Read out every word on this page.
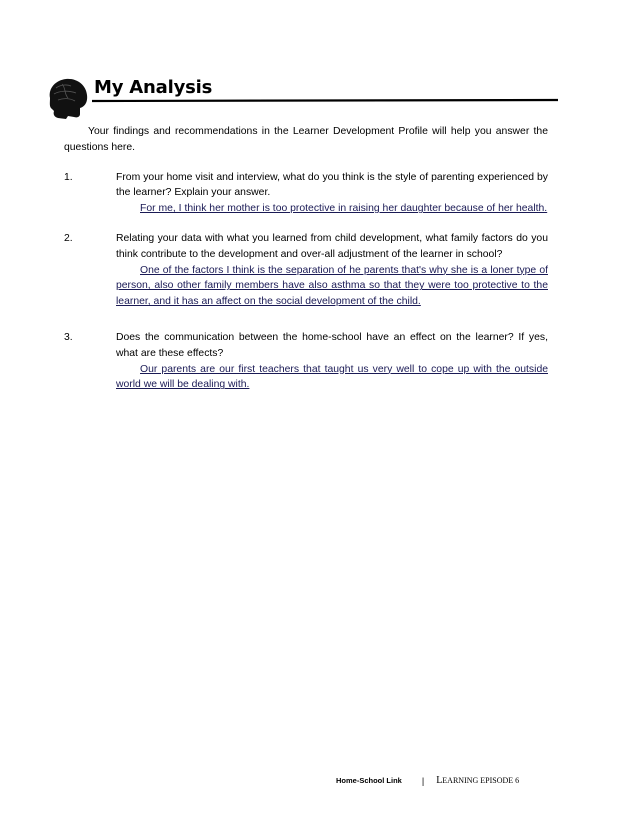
My Analysis

Your findings and recommendations in the Learner Development Profile will help you answer the questions here.

1.	From your home visit and interview, what do you think is the style of parenting experienced by the learner? Explain your answer.

For me, I think her mother is too protective in raising her daughter because of her health.

2.	Relating your data with what you learned from child development, what family factors do you think contribute to the development and over-all adjustment of the learner in school?

One of the factors I think is the separation of he parents that's why she is a loner type of person, also other family members have also asthma so that they were too protective to the learner, and it has an affect on the social development of the child.

3.	Does the communication between the home-school have an effect on the learner? If yes, what are these effects?

Our parents are our first teachers that taught us very well to cope up with the outside world we will be dealing with.

Home-School Link | LEARNING EPISODE 6
